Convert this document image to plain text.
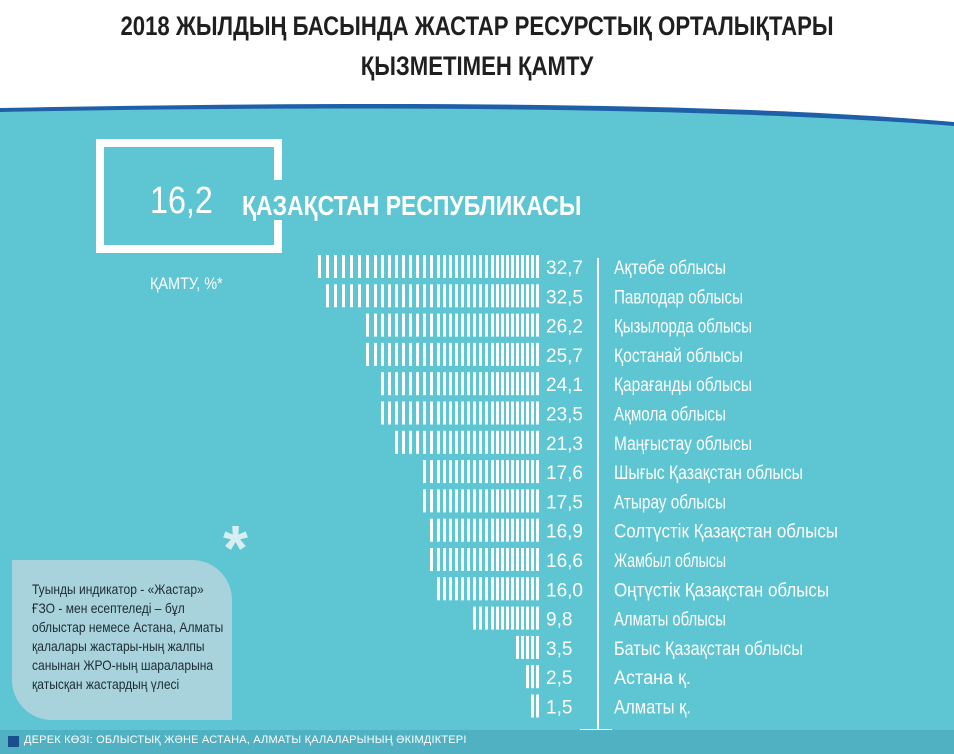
2018 ЖЫЛДЫҢ БАСЫНДА ЖАСТАР РЕСУРСТЫҚ ОРТАЛЫҚТАРЫ
ҚЫЗМЕТІМЕН ҚАМТУ
16,2 ҚАЗАҚСТАН РЕСПУБЛИКАСЫ
ҚАМТУ, %*
32,7 Ақтөбе облысы
32,5 Павлодар облысы
26,2 Қызылорда облысы
25,7 Қостанай облысы
24,1 Қарағанды облысы
23,5 Ақмола облысы
21,3 Маңғыстау облысы
17,6 Шығыс Қазақстан облысы
17,5 Атырау облысы
16,9 Солтүстік Қазақстан облысы
16,6 Жамбыл облысы
16,0 Оңтүстік Қазақстан облысы
9,8 Алматы облысы
3,5 Батыс Қазақстан облысы
2,5 Астана қ.
1,5 Алматы қ.
*
Туынды индикатор - «Жастар» ҒЗО - мен есептеледі – бұл облыстар немесе Астана, Алматы қалалары жастары-ның жалпы санынан ЖРО-ның шараларына қатысқан жастардың үлесі
ДЕРЕК КӨЗІ: ОБЛЫСТЫҚ ЖӘНЕ АСТАНА, АЛМАТЫ ҚАЛАЛАРЫНЫҢ ӘКІМДІКТЕРІ
